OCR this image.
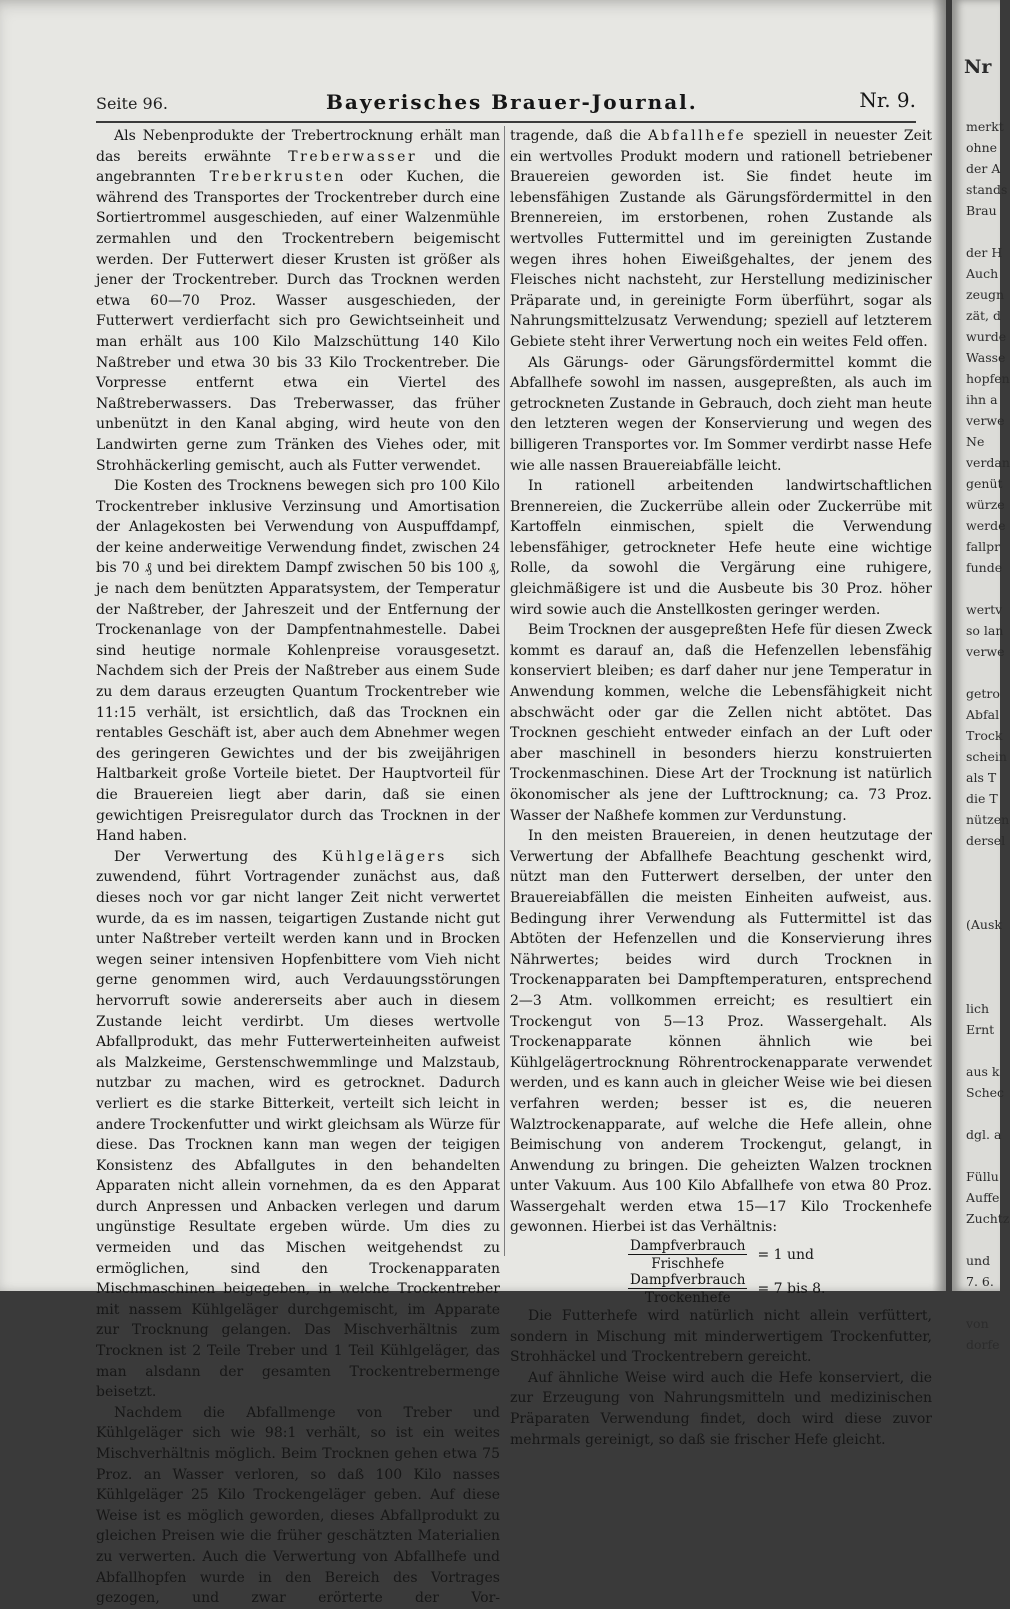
Seite 96.	Bayerisches Brauer-Journal.	Nr. 9.

Als Nebenprodukte der Trebertrocknung erhält man das bereits erwähnte Treberwasser und die angebrannten Treberkrusten oder Kuchen, die während des Transportes der Trockentreber durch eine Sortiertrommel ausgeschieden, auf einer Walzenmühle zermahlen und den Trockentrebern beigemischt werden. Der Futterwert dieser Krusten ist größer als jener der Trockentreber. Durch das Trocknen werden etwa 60—70 Proz. Wasser ausgeschieden, der Futterwert verdierfacht sich pro Gewichtseinheit und man erhält aus 100 Kilo Malzschüttung 140 Kilo Naßtreber und etwa 30 bis 33 Kilo Trockentreber. Die Vorpresse entfernt etwa ein Viertel des Naßtreberwassers. Das Treberwasser, das früher unbenützt in den Kanal abging, wird heute von den Landwirten gerne zum Tränken des Viehes oder, mit Strohhäckerling gemischt, auch als Futter verwendet.

Die Kosten des Trocknens bewegen sich pro 100 Kilo Trockentreber inklusive Verzinsung und Amortisation der Anlagekosten bei Verwendung von Auspuffdampf, der keine anderweitige Verwendung findet, zwischen 24 bis 70 ₰ und bei direktem Dampf zwischen 50 bis 100 ₰, je nach dem benützten Apparatsystem, der Temperatur der Naßtreber, der Jahreszeit und der Entfernung der Trockenanlage von der Dampfentnahmestelle. Dabei sind heutige normale Kohlenpreise vorausgesetzt. Nachdem sich der Preis der Naßtreber aus einem Sude zu dem daraus erzeugten Quantum Trockentreber wie 11:15 verhält, ist ersichtlich, daß das Trocknen ein rentables Geschäft ist, aber auch dem Abnehmer wegen des geringeren Gewichtes und der bis zweijährigen Haltbarkeit große Vorteile bietet. Der Hauptvorteil für die Brauereien liegt aber darin, daß sie einen gewichtigen Preisregulator durch das Trocknen in der Hand haben.

Der Verwertung des Kühlgelägers sich zuwendend, führt Vortragender zunächst aus, daß dieses noch vor gar nicht langer Zeit nicht verwertet wurde, da es im nassen, teigartigen Zustande nicht gut unter Naßtreber verteilt werden kann und in Brocken wegen seiner intensiven Hopfenbittere vom Vieh nicht gerne genommen wird, auch Verdauungsstörungen hervorruft sowie andererseits aber auch in diesem Zustande leicht verdirbt. Um dieses wertvolle Abfallprodukt, das mehr Futterwerteinheiten aufweist als Malzkeime, Gerstenschwemmlinge und Malzstaub, nutzbar zu machen, wird es getrocknet. Dadurch verliert es die starke Bitterkeit, verteilt sich leicht in andere Trockenfutter und wirkt gleichsam als Würze für diese. Das Trocknen kann man wegen der teigigen Konsistenz des Abfallgutes in den behandelten Apparaten nicht allein vornehmen, da es den Apparat durch Anpressen und Anbacken verlegen und darum ungünstige Resultate ergeben würde. Um dies zu vermeiden und das Mischen weitgehendst zu ermöglichen, sind den Trockenapparaten Mischmaschinen beigegeben, in welche Trockentreber mit nassem Kühlgeläger durchgemischt, im Apparate zur Trocknung gelangen. Das Mischverhältnis zum Trocknen ist 2 Teile Treber und 1 Teil Kühlgeläger, das man alsdann der gesamten Trockentrebermenge beisetzt.

Nachdem die Abfallmenge von Treber und Kühlgeläger sich wie 98:1 verhält, so ist ein weites Mischverhältnis möglich. Beim Trocknen gehen etwa 75 Proz. an Wasser verloren, so daß 100 Kilo nasses Kühlgeläger 25 Kilo Trockengeläger geben. Auf diese Weise ist es möglich geworden, dieses Abfallprodukt zu gleichen Preisen wie die früher geschätzten Materialien zu verwerten. Auch die Verwertung von Abfallhefe und Abfallhopfen wurde in den Bereich des Vortrages gezogen, und zwar erörterte der Vor-

tragende, daß die Abfallhefe speziell in neuester Zeit ein wertvolles Produkt modern und rationell betriebener Brauereien geworden ist. Sie findet heute im lebensfähigen Zustande als Gärungsfördermittel in den Brennereien, im erstorbenen, rohen Zustande als wertvolles Futtermittel und im gereinigten Zustande wegen ihres hohen Eiweißgehaltes, der jenem des Fleisches nicht nachsteht, zur Herstellung medizinischer Präparate und, in gereinigte Form überführt, sogar als Nahrungsmittelzusatz Verwendung; speziell auf letzterem Gebiete steht ihrer Verwertung noch ein weites Feld offen.

Als Gärungs- oder Gärungsfördermittel kommt die Abfallhefe sowohl im nassen, ausgepreßten, als auch im getrockneten Zustande in Gebrauch, doch zieht man heute den letzteren wegen der Konservierung und wegen des billigeren Transportes vor. Im Sommer verdirbt nasse Hefe wie alle nassen Brauereiabfälle leicht.

In rationell arbeitenden landwirtschaftlichen Brennereien, die Zuckerrübe allein oder Zuckerrübe mit Kartoffeln einmischen, spielt die Verwendung lebensfähiger, getrockneter Hefe heute eine wichtige Rolle, da sowohl die Vergärung eine ruhigere, gleichmäßigere ist und die Ausbeute bis 30 Proz. höher wird sowie auch die Anstellkosten geringer werden.

Beim Trocknen der ausgepreßten Hefe für diesen Zweck kommt es darauf an, daß die Hefenzellen lebensfähig konserviert bleiben; es darf daher nur jene Temperatur in Anwendung kommen, welche die Lebensfähigkeit nicht abschwächt oder gar die Zellen nicht abtötet. Das Trocknen geschieht entweder einfach an der Luft oder aber maschinell in besonders hierzu konstruierten Trockenmaschinen. Diese Art der Trocknung ist natürlich ökonomischer als jene der Lufttrocknung; ca. 73 Proz. Wasser der Naßhefe kommen zur Verdunstung.

In den meisten Brauereien, in denen heutzutage der Verwertung der Abfallhefe Beachtung geschenkt wird, nützt man den Futterwert derselben, der unter den Brauereiabfällen die meisten Einheiten aufweist, aus. Bedingung ihrer Verwendung als Futtermittel ist das Abtöten der Hefenzellen und die Konservierung ihres Nährwertes; beides wird durch Trocknen in Trockenapparaten bei Dampftemperaturen, entsprechend 2—3 Atm. vollkommen erreicht; es resultiert ein Trockengut von 5—13 Proz. Wassergehalt. Als Trockenapparate können ähnlich wie bei Kühlgelägertrocknung Röhrentrockenapparate verwendet werden, und es kann auch in gleicher Weise wie bei diesen verfahren werden; besser ist es, die neueren Walztrockenapparate, auf welche die Hefe allein, ohne Beimischung von anderem Trockengut, gelangt, in Anwendung zu bringen. Die geheizten Walzen trocknen unter Vakuum. Aus 100 Kilo Abfallhefe von etwa 80 Proz. Wassergehalt werden etwa 15—17 Kilo Trockenhefe gewonnen. Hierbei ist das Verhältnis:

$\frac{\text{Dampfverbrauch}}{\text{Frischhefe}} = 1$ und
$\frac{\text{Dampfverbrauch}}{\text{Trockenhefe}} = 7$ bis 8.

Die Futterhefe wird natürlich nicht allein verfüttert, sondern in Mischung mit minderwertigem Trockenfutter, Strohhäckel und Trockentrebern gereicht.

Auf ähnliche Weise wird auch die Hefe konserviert, die zur Erzeugung von Nahrungsmitteln und medizinischen Präparaten Verwendung findet, doch wird diese zuvor mehrmals gereinigt, so daß sie frischer Hefe gleicht.

Nr
merkt
ohne
der A
stands
Brau
der H
Auch
zeugn
zät, d
wurde
Wasse
hopfen
ihn a
verwe
Ne
verdan
genüt
würze
werde
fallpr
funde
wertv
so lan
verwe
getro
Abfal
Trock
schein
als T
die T
nützen
dersel
(Ausk
lich
Ernt
aus k
Schec
dgl. a
Füllu
Auffe
Zuchtz
und
7. 6.
von
dorfe
